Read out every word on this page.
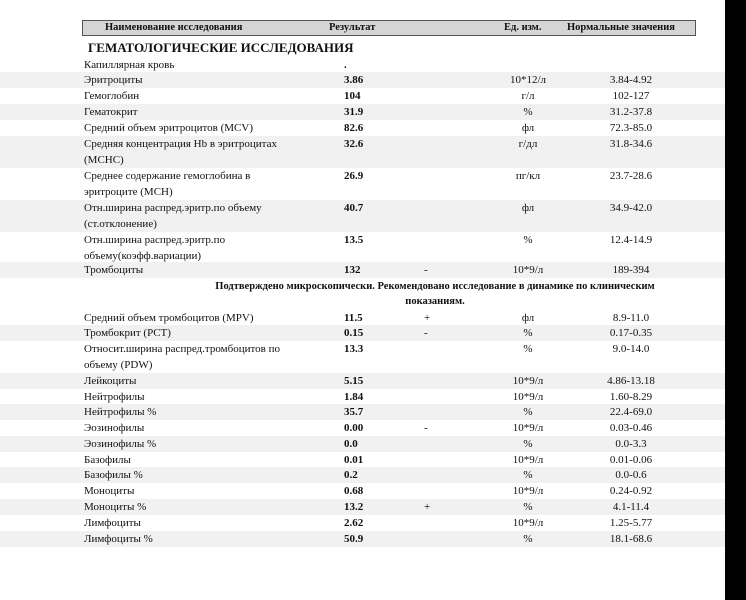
Наименование исследования	Результат	Ед. изм. Нормальные значения
ГЕМАТОЛОГИЧЕСКИЕ ИССЛЕДОВАНИЯ
Капиллярная кровь	.
Эритроциты	3.86	10*12/л	3.84-4.92
Гемоглобин	104	г/л	102-127
Гематокрит	31.9	%	31.2-37.8
Средний объем эритроцитов (MCV)	82.6	фл	72.3-85.0
Средняя концентрация Hb в эритроцитах (MCHC)
32.6	г/дл	31.8-34.6
Среднее содержание гемоглобина в эритроците (MCH)
26.9	пг/кл	23.7-28.6
Отн.ширина распред.эритр.по объему (ст.отклонение)
40.7	фл	34.9-42.0
Отн.ширина распред.эритр.по объему(коэфф.вариации)
13.5	%	12.4-14.9
Тромбоциты	132	-	10*9/л	189-394
Средний объем тромбоцитов (MPV)	11.5	+	фл	8.9-11.0
Тромбокрит (PCT)	0.15	-	%	0.17-0.35
Относит.ширина распред.тромбоцитов по объему (PDW)
13.3	%	9.0-14.0
Лейкоциты	5.15	10*9/л	4.86-13.18
Нейтрофилы	1.84	10*9/л	1.60-8.29
Нейтрофилы %	35.7	%	22.4-69.0
Эозинофилы	0.00	-	10*9/л	0.03-0.46
Эозинофилы %	0.0	%	0.0-3.3
Базофилы	0.01	10*9/л	0.01-0.06
Базофилы %	0.2	%	0.0-0.6
Моноциты	0.68	10*9/л	0.24-0.92
Моноциты %	13.2	+	%	4.1-11.4
Лимфоциты	2.62	10*9/л	1.25-5.77
Лимфоциты %	50.9	%	18.1-68.6
Подтверждено микроскопически. Рекомендовано исследование в динамике по клиническим показаниям.
